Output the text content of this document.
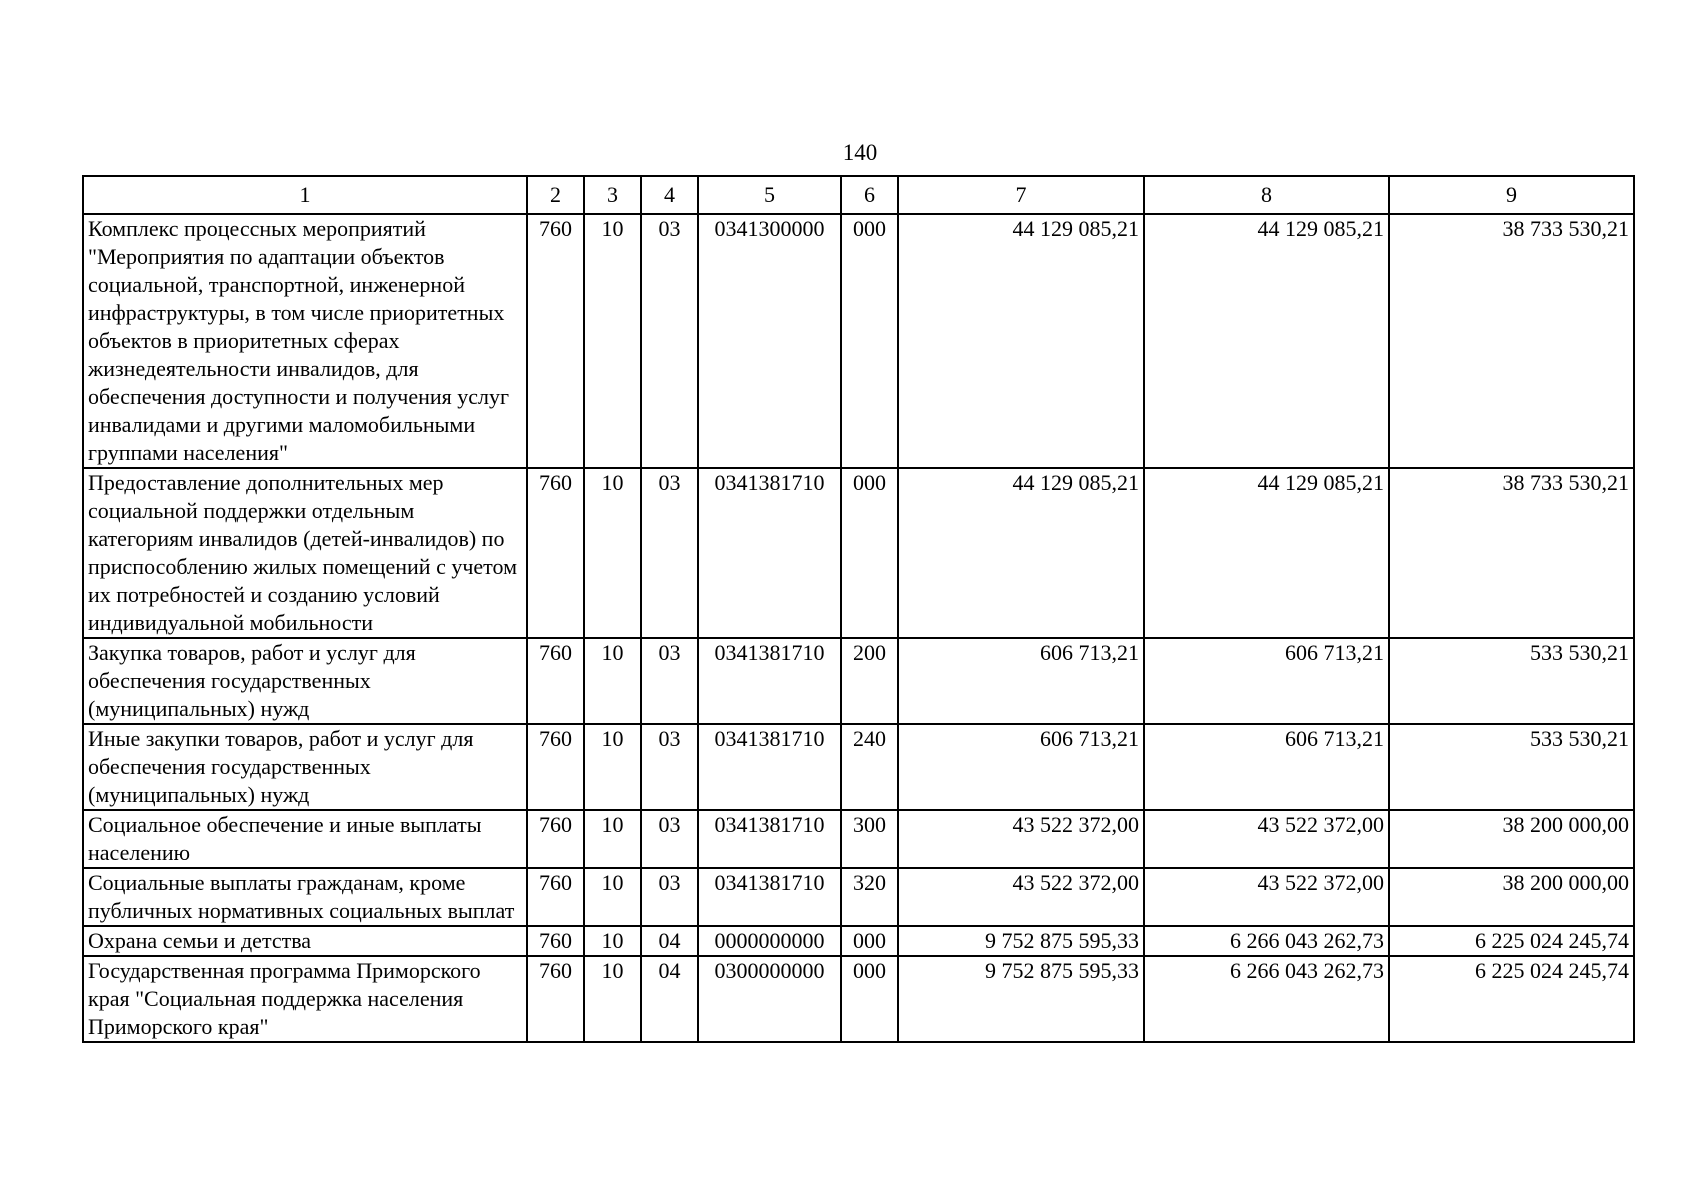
140
1	2	3	4	5	6	7	8	9
Комплекс процессных мероприятий "Мероприятия по адаптации объектов социальной, транспортной, инженерной инфраструктуры, в том числе приоритетных объектов в приоритетных сферах жизнедеятельности инвалидов, для обеспечения доступности и получения услуг инвалидами и другими маломобильными группами населения"	760	10	03	0341300000	000	44 129 085,21	44 129 085,21	38 733 530,21
Предоставление дополнительных мер социальной поддержки отдельным категориям инвалидов (детей-инвалидов) по приспособлению жилых помещений с учетом их потребностей и созданию условий индивидуальной мобильности	760	10	03	0341381710	000	44 129 085,21	44 129 085,21	38 733 530,21
Закупка товаров, работ и услуг для обеспечения государственных (муниципальных) нужд	760	10	03	0341381710	200	606 713,21	606 713,21	533 530,21
Иные закупки товаров, работ и услуг для обеспечения государственных (муниципальных) нужд	760	10	03	0341381710	240	606 713,21	606 713,21	533 530,21
Социальное обеспечение и иные выплаты населению	760	10	03	0341381710	300	43 522 372,00	43 522 372,00	38 200 000,00
Социальные выплаты гражданам, кроме публичных нормативных социальных выплат	760	10	03	0341381710	320	43 522 372,00	43 522 372,00	38 200 000,00
Охрана семьи и детства	760	10	04	0000000000	000	9 752 875 595,33	6 266 043 262,73	6 225 024 245,74
Государственная программа Приморского края "Социальная поддержка населения Приморского края"	760	10	04	0300000000	000	9 752 875 595,33	6 266 043 262,73	6 225 024 245,74
